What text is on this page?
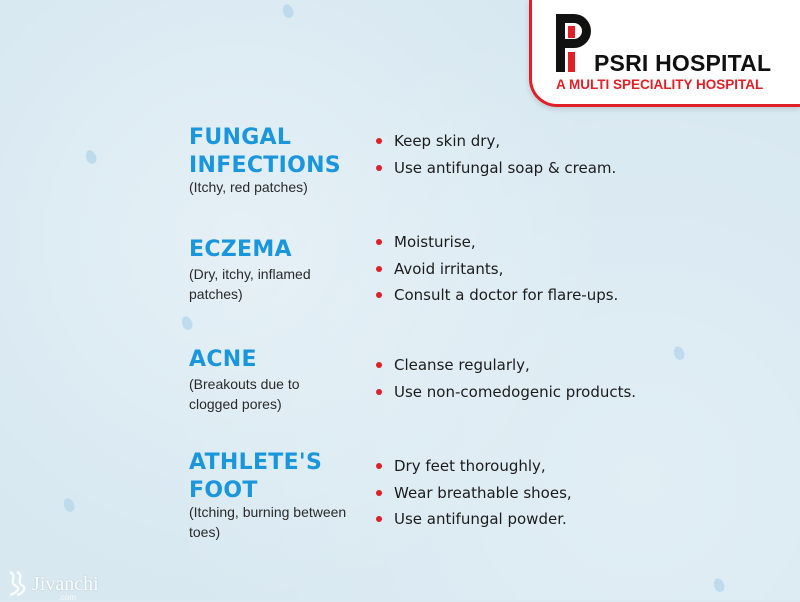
PSRI HOSPITAL
A MULTI SPECIALITY HOSPITAL
FUNGAL
INFECTIONS
(Itchy, red patches)
Keep skin dry,
Use antifungal soap & cream.
ECZEMA
(Dry, itchy, inflamed patches)
Moisturise,
Avoid irritants,
Consult a doctor for flare-ups.
ACNE
(Breakouts due to clogged pores)
Cleanse regularly,
Use non-comedogenic products.
ATHLETE'S
FOOT
(Itching, burning between toes)
Dry feet thoroughly,
Wear breathable shoes,
Use antifungal powder.
Jivanchi
.com
